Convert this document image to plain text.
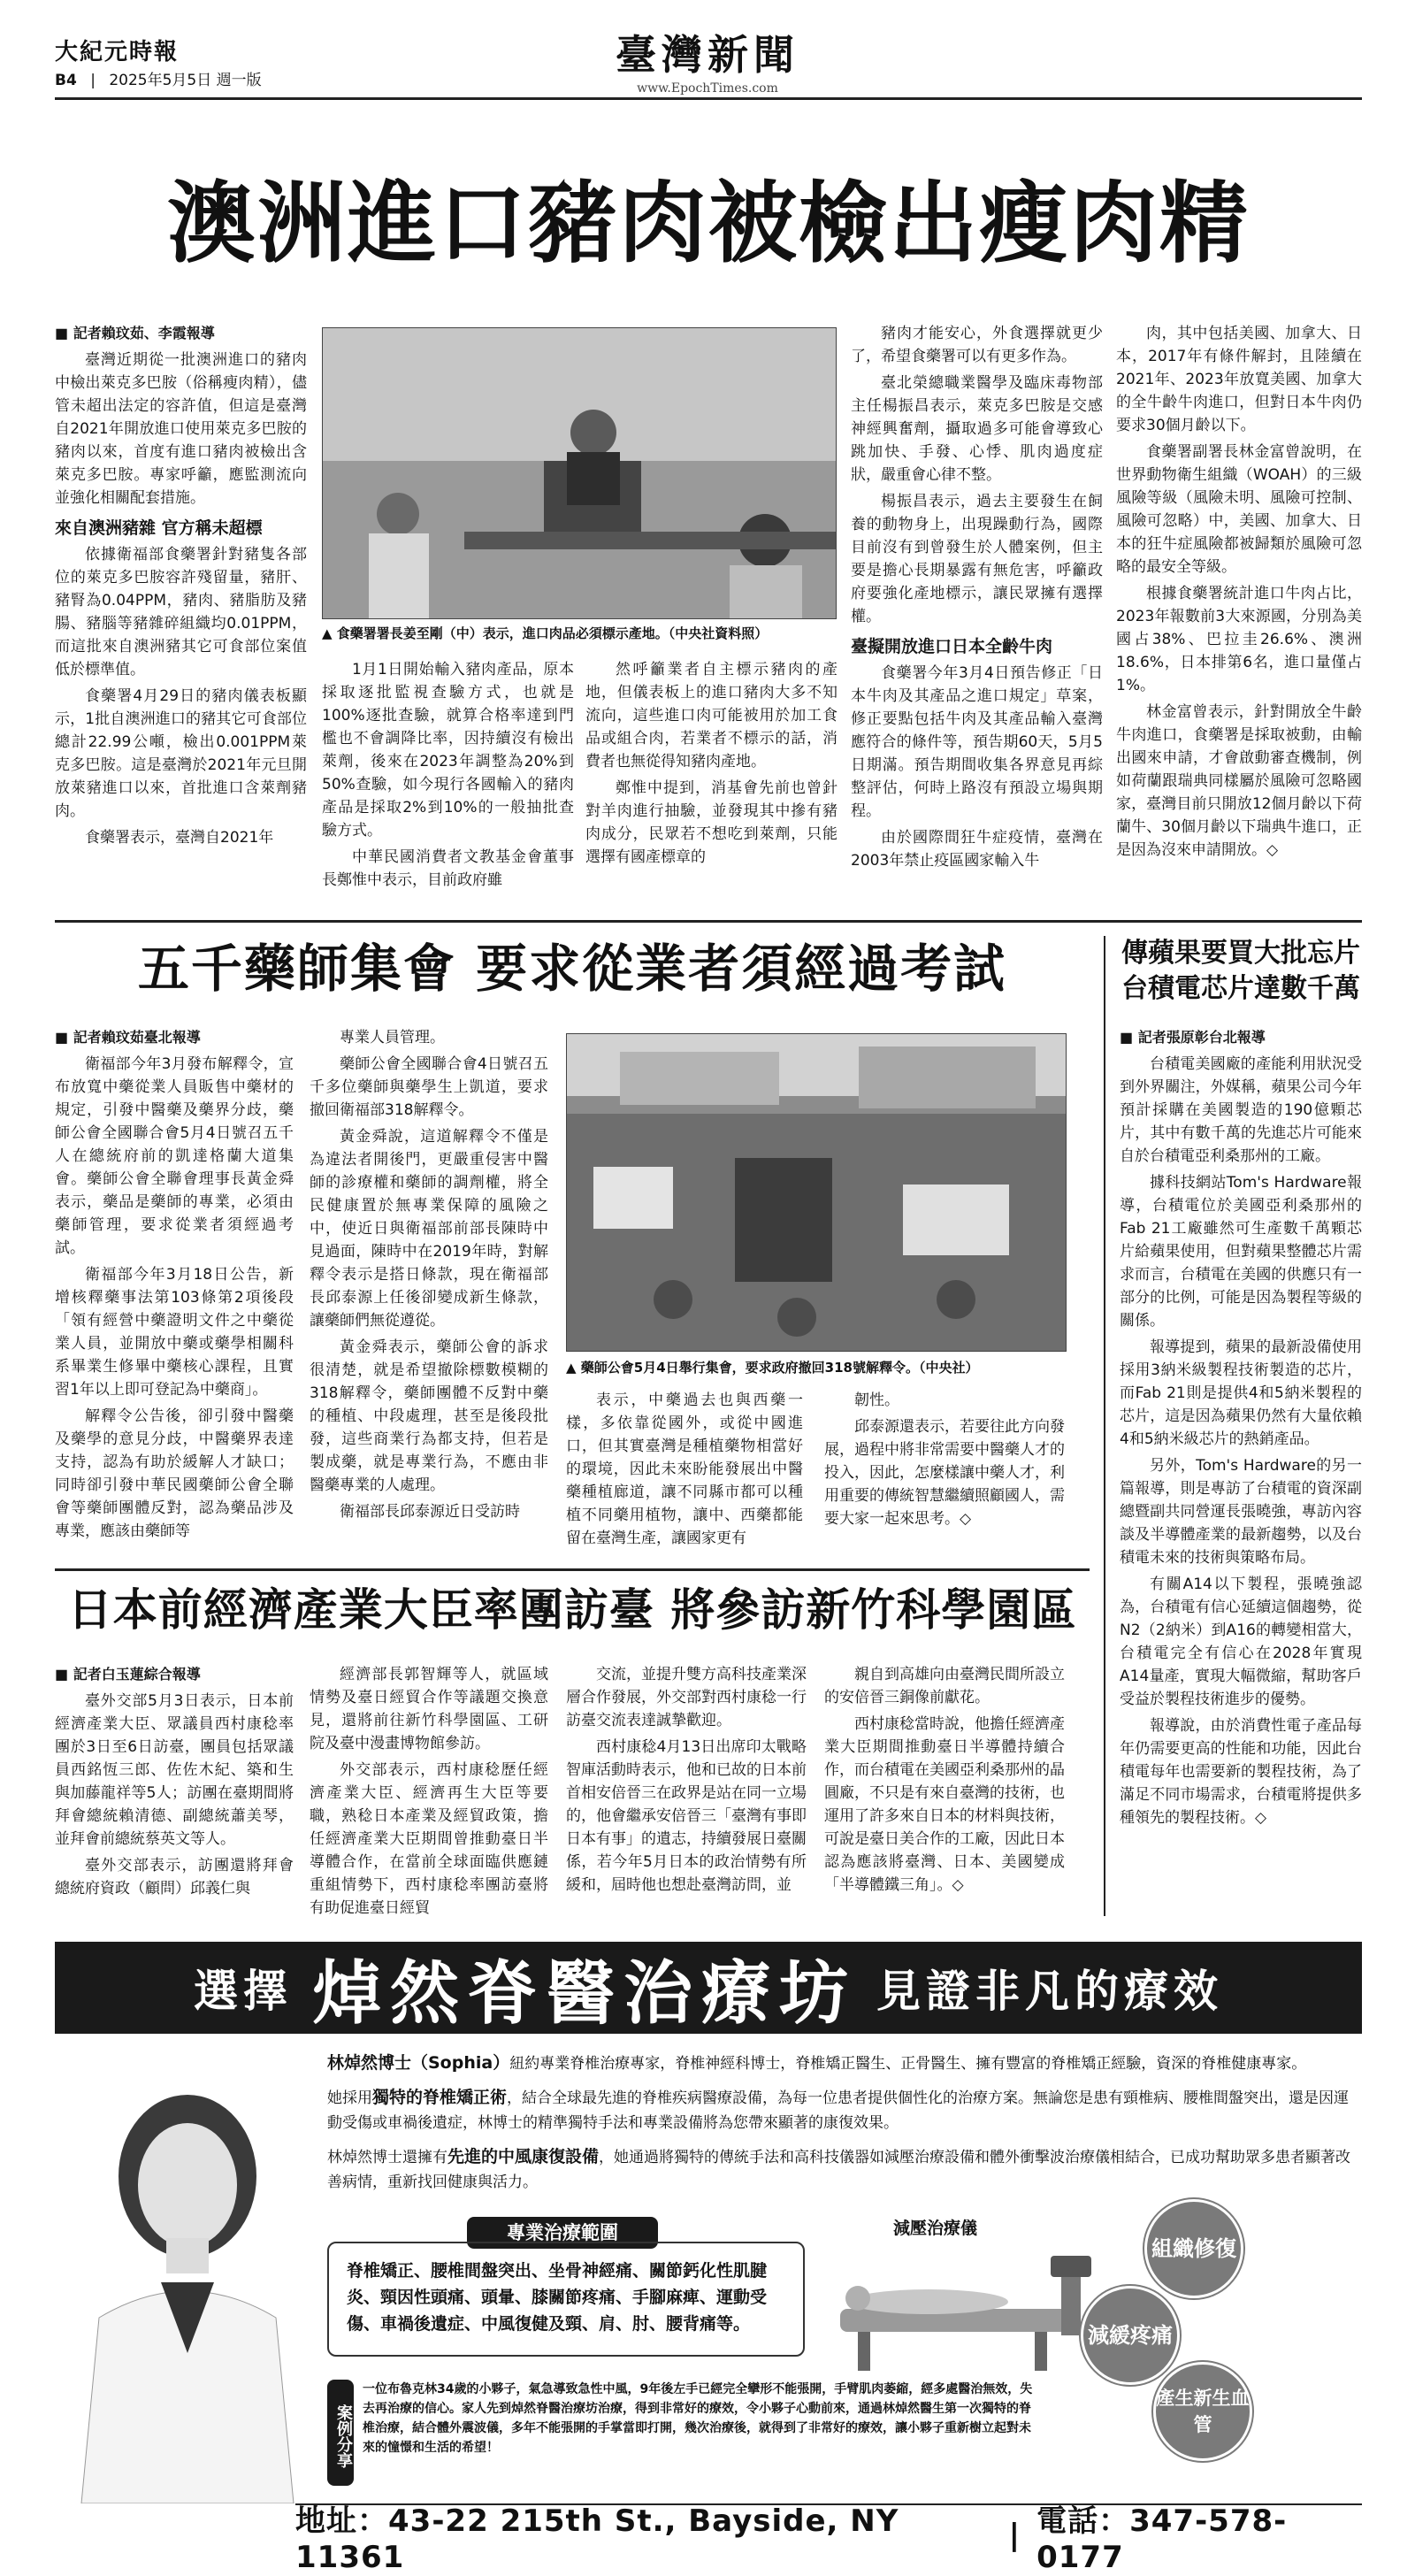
大紀元時報
B4 | 2025年5月5日 週一版
臺灣新聞
www.EpochTimes.com
澳洲進口豬肉被檢出瘦肉精

■ 記者賴玟茹、李霞報導

臺灣近期從一批澳洲進口的豬肉中檢出萊克多巴胺（俗稱瘦肉精），儘管未超出法定的容許值，但這是臺灣自2021年開放進口使用萊克多巴胺的豬肉以來，首度有進口豬肉被檢出含萊克多巴胺。專家呼籲，應監測流向並強化相關配套措施。

來自澳洲豬雜 官方稱未超標

依據衛福部食藥署針對豬隻各部位的萊克多巴胺容許殘留量，豬肝、豬腎為0.04PPM，豬肉、豬脂肪及豬腸、豬腦等豬雜碎組織均0.01PPM，而這批來自澳洲豬其它可食部位案值低於標準值。

食藥署4月29日的豬肉儀表板顯示，1批自澳洲進口的豬其它可食部位總計22.99公噸，檢出0.001PPM萊克多巴胺。這是臺灣於2021年元旦開放萊豬進口以來，首批進口含萊劑豬肉。

食藥署表示，臺灣自2021年

▲ 食藥署署長姜至剛（中）表示，進口肉品必須標示產地。（中央社資料照）

1月1日開始輸入豬肉產品，原本採取逐批監視查驗方式，也就是100%逐批查驗，就算合格率達到門檻也不會調降比率，因持續沒有檢出萊劑，後來在2023年調整為20%到50%查驗，如今現行各國輸入的豬肉產品是採取2%到10%的一般抽批查驗方式。

中華民國消費者文教基金會董事長鄭惟中表示，目前政府雖

然呼籲業者自主標示豬肉的產地，但儀表板上的進口豬肉大多不知流向，這些進口肉可能被用於加工食品或組合肉，若業者不標示的話，消費者也無從得知豬肉產地。

鄭惟中提到，消基會先前也曾針對羊肉進行抽驗，並發現其中摻有豬肉成分，民眾若不想吃到萊劑，只能選擇有國產標章的

豬肉才能安心，外食選擇就更少了，希望食藥署可以有更多作為。

臺北榮總職業醫學及臨床毒物部主任楊振昌表示，萊克多巴胺是交感神經興奮劑，攝取過多可能會導致心跳加快、手發、心悸、肌肉過度症狀，嚴重會心律不整。

楊振昌表示，過去主要發生在飼養的動物身上，出現躁動行為，國際目前沒有到曾發生於人體案例，但主要是擔心長期暴露有無危害，呼籲政府要強化產地標示，讓民眾擁有選擇權。

臺擬開放進口日本全齡牛肉

食藥署今年3月4日預告修正「日本牛肉及其產品之進口規定」草案，修正要點包括牛肉及其產品輸入臺灣應符合的條件等，預告期60天，5月5日期滿。預告期間收集各界意見再綜整評估，何時上路沒有預設立場與期程。

由於國際間狂牛症疫情，臺灣在2003年禁止疫區國家輸入牛

肉，其中包括美國、加拿大、日本，2017年有條件解封，且陸續在2021年、2023年放寬美國、加拿大的全牛齡牛肉進口，但對日本牛肉仍要求30個月齡以下。

食藥署副署長林金富曾說明，在世界動物衛生組織（WOAH）的三級風險等級（風險未明、風險可控制、風險可忽略）中，美國、加拿大、日本的狂牛症風險都被歸類於風險可忽略的最安全等級。

根據食藥署統計進口牛肉占比，2023年報數前3大來源國，分別為美國占38%、巴拉圭26.6%、澳洲18.6%，日本排第6名，進口量僅占1%。

林金富曾表示，針對開放全牛齡牛肉進口，食藥署是採取被動，由輸出國來申請，才會啟動審查機制，例如荷蘭跟瑞典同樣屬於風險可忽略國家，臺灣目前只開放12個月齡以下荷蘭牛、30個月齡以下瑞典牛進口，正是因為沒來申請開放。◇

五千藥師集會 要求從業者須經過考試

■ 記者賴玟茹臺北報導

衛福部今年3月發布解釋令，宣布放寬中藥從業人員販售中藥材的規定，引發中醫藥及藥界分歧，藥師公會全國聯合會5月4日號召五千人在總統府前的凱達格蘭大道集會。藥師公會全聯會理事長黃金舜表示，藥品是藥師的專業，必須由藥師管理，要求從業者須經過考試。

衛福部今年3月18日公告，新增核釋藥事法第103條第2項後段「領有經營中藥證明文件之中藥從業人員，並開放中藥或藥學相關科系畢業生修畢中藥核心課程，且實習1年以上即可登記為中藥商」。

解釋令公告後，卻引發中醫藥及藥學的意見分歧，中醫藥界表達支持，認為有助於緩解人才缺口；同時卻引發中華民國藥師公會全聯會等藥師團體反對，認為藥品涉及專業，應該由藥師等

專業人員管理。

藥師公會全國聯合會4日號召五千多位藥師與藥學生上凱道，要求撤回衛福部318解釋令。

黃金舜說，這道解釋令不僅是為違法者開後門，更嚴重侵害中醫師的診療權和藥師的調劑權，將全民健康置於無專業保障的風險之中，使近日與衛福部前部長陳時中見過面，陳時中在2019年時，對解釋令表示是搭日條款，現在衛福部長邱泰源上任後卻變成新生條款，讓藥師們無從遵從。

黃金舜表示，藥師公會的訴求很清楚，就是希望撤除標數模糊的318解釋令，藥師團體不反對中藥的種植、中段處理，甚至是後段批發，這些商業行為都支持，但若是製成藥，就是專業行為，不應由非醫藥專業的人處理。

衛福部長邱泰源近日受訪時

▲ 藥師公會5月4日舉行集會，要求政府撤回318號解釋令。（中央社）

表示，中藥過去也與西藥一樣，多依靠從國外，或從中國進口，但其實臺灣是種植藥物相當好的環境，因此未來盼能發展出中醫藥種植廊道，讓不同縣市都可以種植不同藥用植物，讓中、西藥都能留在臺灣生產，讓國家更有

韌性。

邱泰源還表示，若要往此方向發展，過程中將非常需要中醫藥人才的投入，因此，怎麼樣讓中藥人才，利用重要的傳統智慧繼續照顧國人，需要大家一起來思考。◇

傳蘋果要買大批忘片
台積電芯片達數千萬

■ 記者張原彰台北報導

台積電美國廠的產能利用狀況受到外界關注，外媒稱，蘋果公司今年預計採購在美國製造的190億顆芯片，其中有數千萬的先進芯片可能來自於台積電亞利桑那州的工廠。

據科技網站Tom's Hardware報導，台積電位於美國亞利桑那州的Fab 21工廠雖然可生產數千萬顆芯片給蘋果使用，但對蘋果整體芯片需求而言，台積電在美國的供應只有一部分的比例，可能是因為製程等級的關係。

報導提到，蘋果的最新設備使用採用3納米級製程技術製造的芯片，而Fab 21則是提供4和5納米製程的芯片，這是因為蘋果仍然有大量依賴4和5納米級芯片的熱銷產品。

另外，Tom's Hardware的另一篇報導，則是專訪了台積電的資深副總暨副共同營運長張曉強，專訪內容談及半導體產業的最新趨勢，以及台積電未來的技術與策略布局。

有關A14以下製程，張曉強認為，台積電有信心延續這個趨勢，從N2（2納米）到A16的轉變相當大，台積電完全有信心在2028年實現A14量產，實現大幅微縮，幫助客戶受益於製程技術進步的優勢。

報導說，由於消費性電子產品每年仍需要更高的性能和功能，因此台積電每年也需要新的製程技術，為了滿足不同市場需求，台積電將提供多種領先的製程技術。◇

日本前經濟產業大臣率團訪臺 將參訪新竹科學園區

■ 記者白玉蓮綜合報導

臺外交部5月3日表示，日本前經濟產業大臣、眾議員西村康稔率團於3日至6日訪臺，團員包括眾議員西銘恆三郎、佐佐木紀、築和生與加藤龍祥等5人；訪團在臺期間將拜會總統賴清德、副總統蕭美琴，並拜會前總統蔡英文等人。

臺外交部表示，訪團還將拜會總統府資政（顧問）邱義仁與

經濟部長郭智輝等人，就區域情勢及臺日經貿合作等議題交換意見，還將前往新竹科學園區、工研院及臺中漫畫博物館參訪。

外交部表示，西村康稔歷任經濟產業大臣、經濟再生大臣等要職，熟稔日本產業及經貿政策，擔任經濟產業大臣期間曾推動臺日半導體合作，在當前全球面臨供應鏈重組情勢下，西村康稔率團訪臺將有助促進臺日經貿

交流，並提升雙方高科技產業深層合作發展，外交部對西村康稔一行訪臺交流表達誠摯歡迎。

西村康稔4月13日出席印太戰略智庫活動時表示，他和已故的日本前首相安倍晉三在政界是站在同一立場的，他會繼承安倍晉三「臺灣有事即日本有事」的遺志，持續發展日臺關係，若今年5月日本的政治情勢有所緩和，屆時他也想赴臺灣訪問，並

親自到高雄向由臺灣民間所設立的安倍晉三銅像前獻花。

西村康稔當時說，他擔任經濟產業大臣期間推動臺日半導體持續合作，而台積電在美國亞利桑那州的晶圓廠，不只是有來自臺灣的技術，也運用了許多來自日本的材料與技術，可說是臺日美合作的工廠，因此日本認為應該將臺灣、日本、美國變成「半導體鐵三角」。◇

選擇 焯然脊醫治療坊 見證非凡的療效
林焯然博士（Sophia）紐約專業脊椎治療專家，脊椎神經科博士，脊椎矯正醫生、正骨醫生、擁有豐富的脊椎矯正經驗，資深的脊椎健康專家。
她採用獨特的脊椎矯正術，結合全球最先進的脊椎疾病醫療設備，為每一位患者提供個性化的治療方案。無論您是患有頸椎病、腰椎間盤突出，還是因運動受傷或車禍後遺症，林博士的精準獨特手法和專業設備將為您帶來顯著的康復效果。
林焯然博士還擁有先進的中風康復設備，她通過將獨特的傳統手法和高科技儀器如減壓治療設備和體外衝擊波治療儀相結合，已成功幫助眾多患者顯著改善病情，重新找回健康與活力。
專業治療範圍
脊椎矯正、腰椎間盤突出、坐骨神經痛、關節鈣化性肌腱炎、頸因性頭痛、頭暈、膝關節疼痛、手腳麻痺、運動受傷、車禍後遺症、中風復健及頸、肩、肘、腰背痛等。
減壓治療儀
組織修復
減緩疼痛
產生新生血管
案例分享
一位布魯克林34歲的小夥子，氣急導致急性中風，9年後左手已經完全攣形不能張開，手臂肌肉萎縮，經多處醫治無效，失去再治療的信心。家人先到焯然脊醫治療坊治療，得到非常好的療效，令小夥子心動前來，通過林焯然醫生第一次獨特的脊椎治療，結合體外震波儀，多年不能張開的手掌當即打開，幾次治療後，就得到了非常好的療效，讓小夥子重新樹立起對未來的憧憬和生活的希望！
地址：43-22 215th St., Bayside, NY 11361
| 電話：347-578-0177
